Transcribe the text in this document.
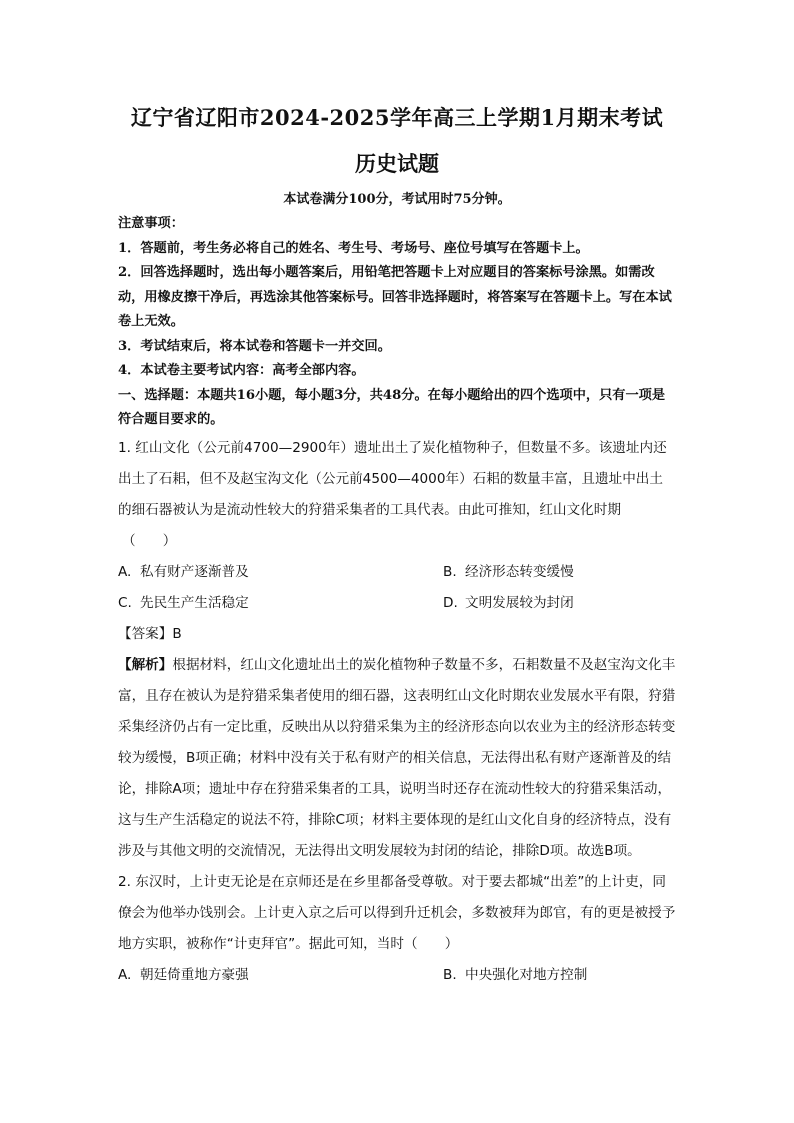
辽宁省辽阳市2024-2025学年高三上学期1月期末考试
历史试题
本试卷满分100分，考试用时75分钟。

注意事项：

1．答题前，考生务必将自己的姓名、考生号、考场号、座位号填写在答题卡上。

2．回答选择题时，选出每小题答案后，用铅笔把答题卡上对应题目的答案标号涂黑。如需改动，用橡皮擦干净后，再选涂其他答案标号。回答非选择题时，将答案写在答题卡上。写在本试卷上无效。

3．考试结束后，将本试卷和答题卡一并交回。

4．本试卷主要考试内容：高考全部内容。

一、选择题：本题共16小题，每小题3分，共48分。在每小题给出的四个选项中，只有一项是符合题目要求的。

1. 红山文化（公元前4700—2900年）遗址出土了炭化植物种子，但数量不多。该遗址内还出土了石耜，但不及赵宝沟文化（公元前4500—4000年）石耜的数量丰富，且遗址中出土的细石器被认为是流动性较大的狩猎采集者的工具代表。由此可推知，红山文化时期

（　　）
A. 私有财产逐渐普及	B. 经济形态转变缓慢
C. 先民生产生活稳定	D. 文明发展较为封闭

【答案】B

【解析】根据材料，红山文化遗址出土的炭化植物种子数量不多，石耜数量不及赵宝沟文化丰富，且存在被认为是狩猎采集者使用的细石器，这表明红山文化时期农业发展水平有限，狩猎采集经济仍占有一定比重，反映出从以狩猎采集为主的经济形态向以农业为主的经济形态转变较为缓慢，B项正确；材料中没有关于私有财产的相关信息，无法得出私有财产逐渐普及的结论，排除A项；遗址中存在狩猎采集者的工具，说明当时还存在流动性较大的狩猎采集活动，这与生产生活稳定的说法不符，排除C项；材料主要体现的是红山文化自身的经济特点，没有涉及与其他文明的交流情况，无法得出文明发展较为封闭的结论，排除D项。故选B项。

2. 东汉时，上计吏无论是在京师还是在乡里都备受尊敬。对于要去都城“出差”的上计吏，同僚会为他举办饯别会。上计吏入京之后可以得到升迁机会，多数被拜为郎官，有的更是被授予地方实职，被称作“计吏拜官”。据此可知，当时（　　）

A. 朝廷倚重地方豪强	B. 中央强化对地方控制
